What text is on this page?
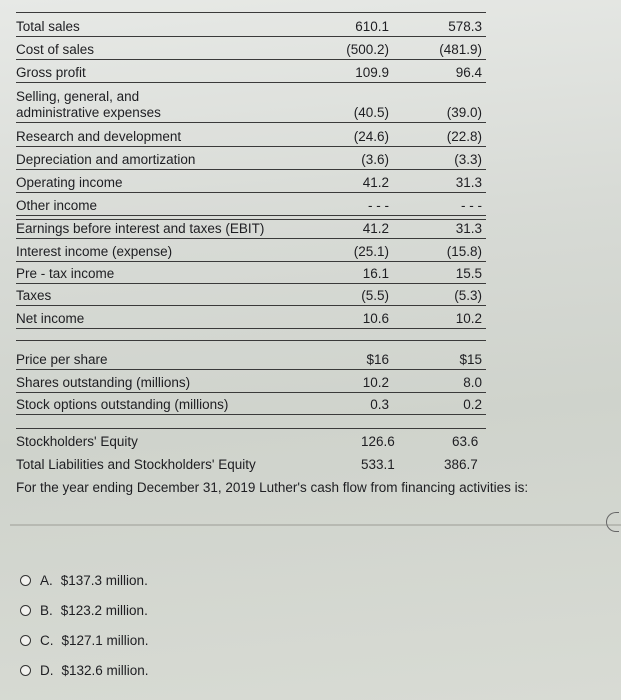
Total sales	610.1	578.3
Cost of sales	(500.2)	(481.9)
Gross profit	109.9	96.4
Selling, general, and
administrative expenses	(40.5)	(39.0)
Research and development	(24.6)	(22.8)
Depreciation and amortization	(3.6)	(3.3)
Operating income	41.2	31.3
Other income	- - -	- - -
Earnings before interest and taxes (EBIT)	41.2	31.3
Interest income (expense)	(25.1)	(15.8)
Pre - tax income	16.1	15.5
Taxes	(5.5)	(5.3)
Net income	10.6	10.2
Price per share	$16	$15
Shares outstanding (millions)	10.2	8.0
Stock options outstanding (millions)	0.3	0.2
Stockholders' Equity	126.6	63.6
Total Liabilities and Stockholders' Equity	533.1	386.7
For the year ending December 31, 2019 Luther's cash flow from financing activities is:
A. $137.3 million.
B. $123.2 million.
C. $127.1 million.
D. $132.6 million.
